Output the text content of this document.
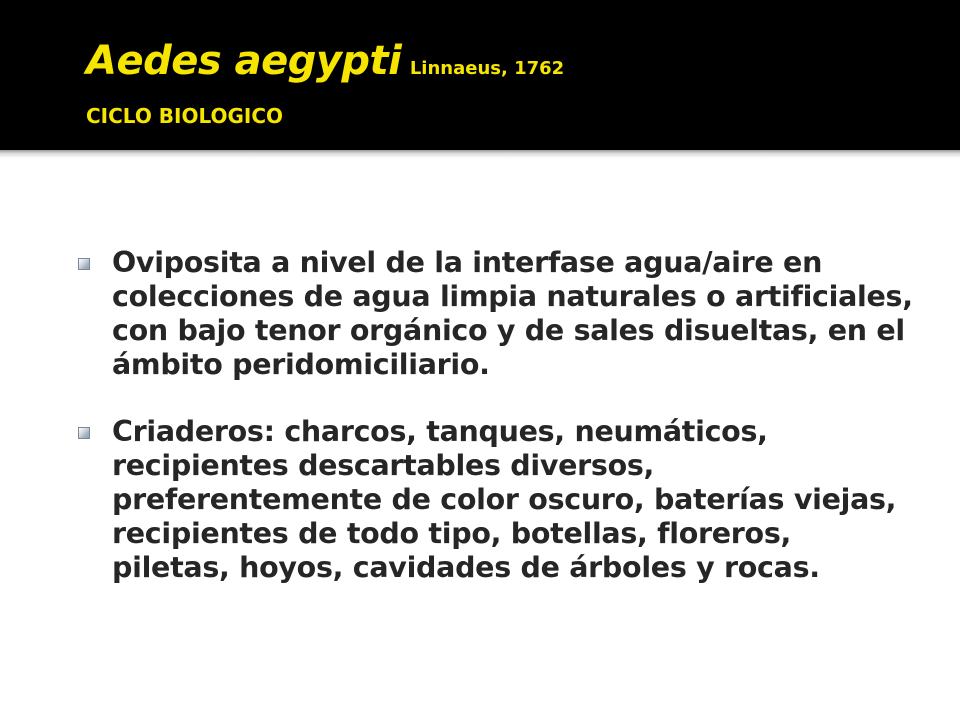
Aedes aegypti Linnaeus, 1762
CICLO BIOLOGICO
Oviposita a nivel de la interfase agua/aire en colecciones de agua limpia naturales o artificiales, con bajo tenor orgánico y de sales disueltas, en el ámbito peridomiciliario.
Criaderos: charcos, tanques, neumáticos, recipientes descartables diversos, preferentemente de color oscuro, baterías viejas, recipientes de todo tipo, botellas, floreros, piletas, hoyos, cavidades de árboles y rocas.
